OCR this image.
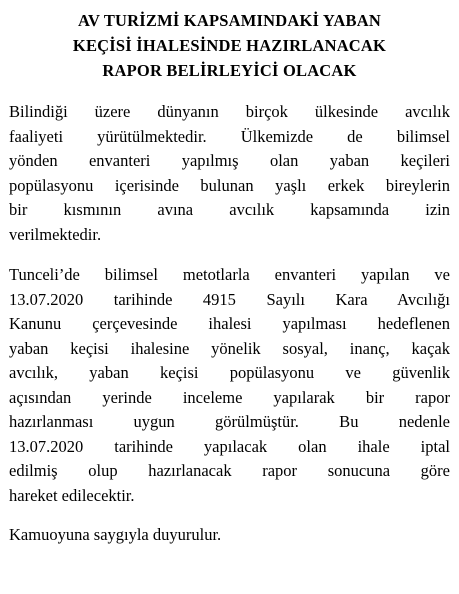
AV TURİZMİ KAPSAMINDAKİ YABAN
KEÇİSİ İHALESİNDE HAZIRLANACAK
RAPOR BELİRLEYİCİ OLACAK

Bilindiği üzere dünyanın birçok ülkesinde avcılık
faaliyeti yürütülmektedir. Ülkemizde de bilimsel
yönden envanteri yapılmış olan yaban keçileri
popülasyonu içerisinde bulunan yaşlı erkek bireylerin
bir kısmının avına avcılık kapsamında izin
verilmektedir.

Tunceli’de bilimsel metotlarla envanteri yapılan ve
13.07.2020 tarihinde 4915 Sayılı Kara Avcılığı
Kanunu çerçevesinde ihalesi yapılması hedeflenen
yaban keçisi ihalesine yönelik sosyal, inanç, kaçak
avcılık, yaban keçisi popülasyonu ve güvenlik
açısından yerinde inceleme yapılarak bir rapor
hazırlanması uygun görülmüştür. Bu nedenle
13.07.2020 tarihinde yapılacak olan ihale iptal
edilmiş olup hazırlanacak rapor sonucuna göre
hareket edilecektir.

Kamuoyuna saygıyla duyurulur.
